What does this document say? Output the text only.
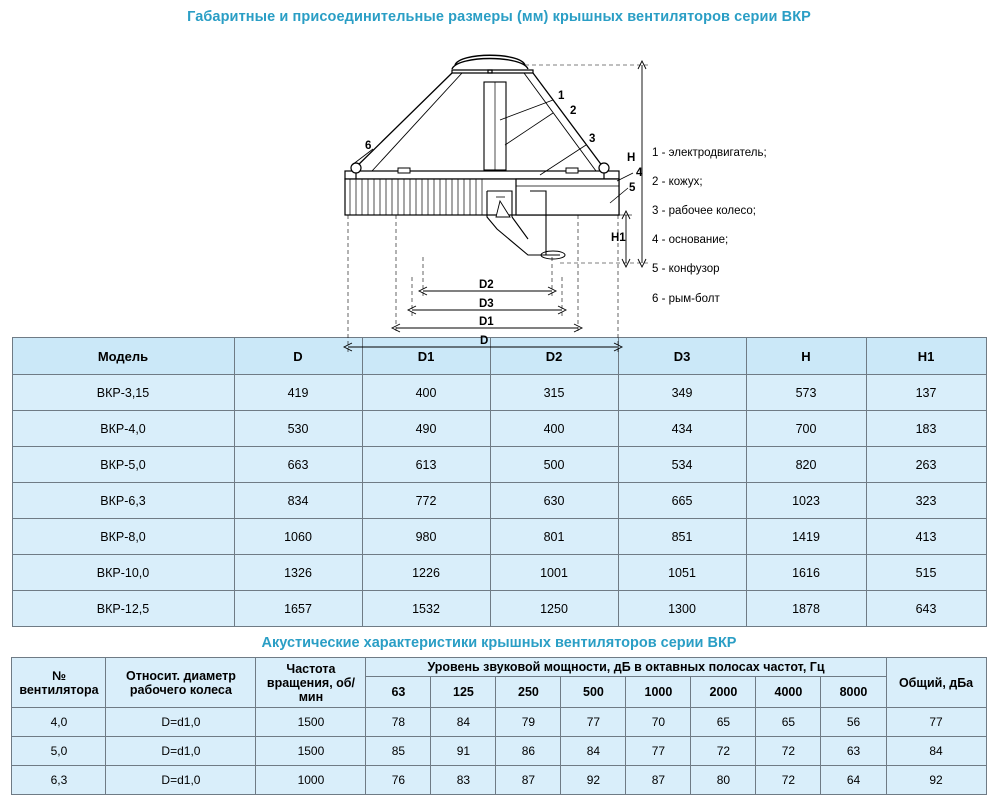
Габаритные и присоединительные размеры (мм) крышных вентиляторов серии ВКР
1
2
3
4
5
6
H
H1
D2
D3
D1
D

1 - электродвигатель;

2 - кожух;

3 - рабочее колесо;

4 - основание;

5 - конфузор

6 - рым-болт

Модель	D	D1	D2	D3	H	H1
ВКР-3,15	419	400	315	349	573	137
ВКР-4,0	530	490	400	434	700	183
ВКР-5,0	663	613	500	534	820	263
ВКР-6,3	834	772	630	665	1023	323
ВКР-8,0	1060	980	801	851	1419	413
ВКР-10,0	1326	1226	1001	1051	1616	515
ВКР-12,5	1657	1532	1250	1300	1878	643
Акустические характеристики крышных вентиляторов серии ВКР
№ вентилятора	Относит. диаметр рабочего колеса	Частота вращения, об/мин	Уровень звуковой мощности, дБ в октавных полосах частот, Гц								Общий, дБа
			63	125	250	500	1000	2000	4000	8000	
4,0	D=d1,0	1500	78	84	79	77	70	65	65	56	77
5,0	D=d1,0	1500	85	91	86	84	77	72	72	63	84
6,3	D=d1,0	1000	76	83	87	92	87	80	72	64	92
